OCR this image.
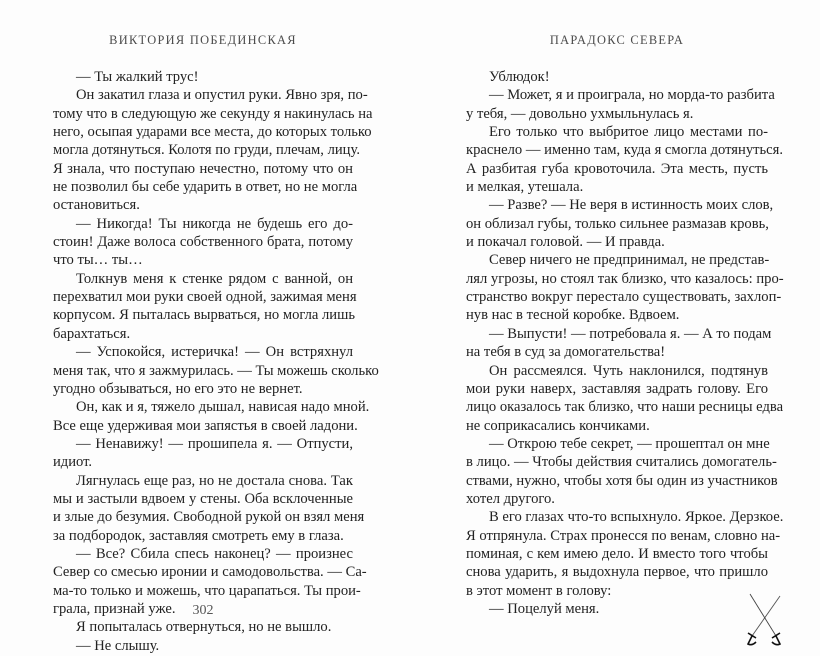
ВИКТОРИЯ ПОБЕДИНСКАЯ
— Ты жалкий трус!
Он закатил глаза и опустил руки. Явно зря, по-
тому что в следующую же секунду я накинулась на
него, осыпая ударами все места, до которых только
могла дотянуться. Колотя по груди, плечам, лицу.
Я знала, что поступаю нечестно, потому что он
не позволил бы себе ударить в ответ, но не могла
остановиться.
— Никогда! Ты никогда не будешь его до-
стоин! Даже волоса собственного брата, потому
что ты… ты…
Толкнув меня к стенке рядом с ванной, он
перехватил мои руки своей одной, зажимая меня
корпусом. Я пыталась вырваться, но могла лишь
барахтаться.
— Успокойся, истеричка! — Он встряхнул
меня так, что я зажмурилась. — Ты можешь сколько
угодно обзываться, но его это не вернет.
Он, как и я, тяжело дышал, нависая надо мной.
Все еще удерживая мои запястья в своей ладони.
— Ненавижу! — прошипела я. — Отпусти,
идиот.
Лягнулась еще раз, но не достала снова. Так
мы и застыли вдвоем у стены. Оба всклоченные
и злые до безумия. Свободной рукой он взял меня
за подбородок, заставляя смотреть ему в глаза.
— Все? Сбила спесь наконец? — произнес
Север со смесью иронии и самодовольства. — Са-
ма-то только и можешь, что царапаться. Ты прои-
грала, признай уже.
Я попыталась отвернуться, но не вышло.
— Не слышу.
302
ПАРАДОКС СЕВЕРА
Ублюдок!
— Может, я и проиграла, но морда-то разбита
у тебя, — довольно ухмыльнулась я.
Его только что выбритое лицо местами по-
краснело — именно там, куда я смогла дотянуться.
А разбитая губа кровоточила. Эта месть, пусть
и мелкая, утешала.
— Разве? — Не веря в истинность моих слов,
он облизал губы, только сильнее размазав кровь,
и покачал головой. — И правда.
Север ничего не предпринимал, не представ-
лял угрозы, но стоял так близко, что казалось: про-
странство вокруг перестало существовать, захлоп-
нув нас в тесной коробке. Вдвоем.
— Выпусти! — потребовала я. — А то подам
на тебя в суд за домогательства!
Он рассмеялся. Чуть наклонился, подтянув
мои руки наверх, заставляя задрать голову. Его
лицо оказалось так близко, что наши ресницы едва
не соприкасались кончиками.
— Открою тебе секрет, — прошептал он мне
в лицо. — Чтобы действия считались домогатель-
ствами, нужно, чтобы хотя бы один из участников
хотел другого.
В его глазах что-то вспыхнуло. Яркое. Дерзкое.
Я отпрянула. Страх пронесся по венам, словно на-
поминая, с кем имею дело. И вместо того чтобы
снова ударить, я выдохнула первое, что пришло
в этот момент в голову:
— Поцелуй меня.
